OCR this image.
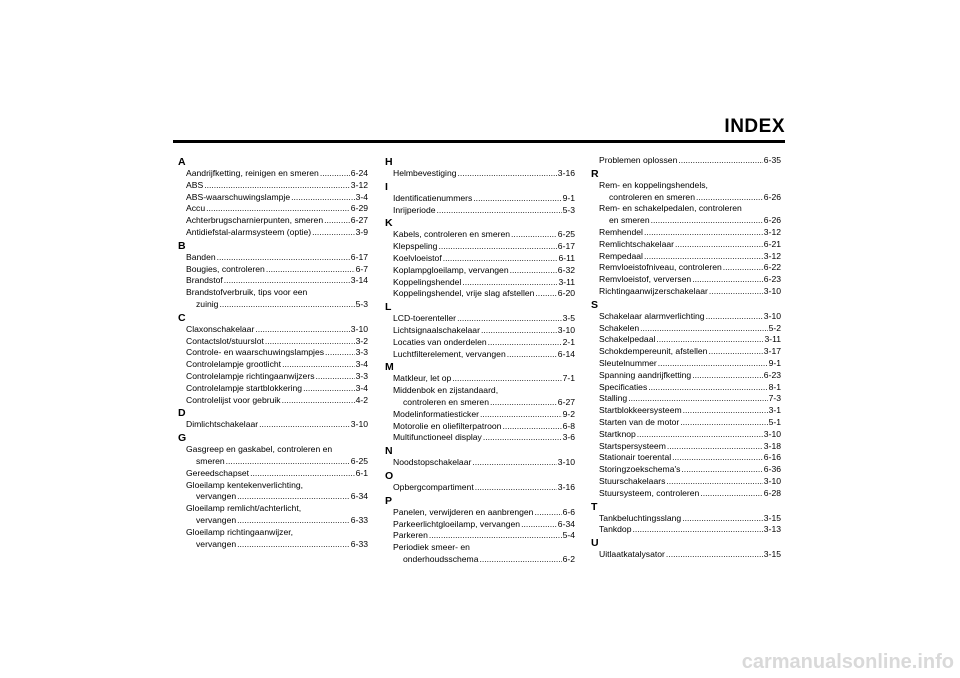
INDEX
A
Aandrijfketting, reinigen en smeren .....	6-24
ABS .....	3-12
ABS-waarschuwingslampje .....	3-4
Accu .....	6-29
Achterbrugscharnierpunten, smeren .....	6-27
Antidiefstal-alarmsysteem (optie) .....	3-9
B
Banden .....	6-17
Bougies, controleren .....	6-7
Brandstof .....	3-14
Brandstofverbruik, tips voor een
zuinig .....	5-3
C
Claxonschakelaar .....	3-10
Contactslot/stuurslot .....	3-2
Controle- en waarschuwingslampjes .....	3-3
Controlelampje grootlicht .....	3-4
Controlelampje richtingaanwijzers .....	3-3
Controlelampje startblokkering .....	3-4
Controlelijst voor gebruik .....	4-2
D
Dimlichtschakelaar .....	3-10
G
Gasgreep en gaskabel, controleren en
smeren .....	6-25
Gereedschapset .....	6-1
Gloeilamp kentekenverlichting,
vervangen .....	6-34
Gloeilamp remlicht/achterlicht,
vervangen .....	6-33
Gloeilamp richtingaanwijzer,
vervangen .....	6-33
H
Helmbevestiging .....	3-16
I
Identificatienummers .....	9-1
Inrijperiode .....	5-3
K
Kabels, controleren en smeren .....	6-25
Klepspeling .....	6-17
Koelvloeistof .....	6-11
Koplampgloeilamp, vervangen .....	6-32
Koppelingshendel .....	3-11
Koppelingshendel, vrije slag afstellen .....	6-20
L
LCD-toerenteller .....	3-5
Lichtsignaalschakelaar .....	3-10
Locaties van onderdelen .....	2-1
Luchtfilterelement, vervangen .....	6-14
M
Matkleur, let op .....	7-1
Middenbok en zijstandaard,
controleren en smeren .....	6-27
Modelinformatiesticker .....	9-2
Motorolie en oliefilterpatroon .....	6-8
Multifunctioneel display .....	3-6
N
Noodstopschakelaar .....	3-10
O
Opbergcompartiment .....	3-16
P
Panelen, verwijderen en aanbrengen .....	6-6
Parkeerlichtgloeilamp, vervangen .....	6-34
Parkeren .....	5-4
Periodiek smeer- en
onderhoudsschema .....	6-2
Problemen oplossen .....	6-35
R
Rem- en koppelingshendels,
controleren en smeren .....	6-26
Rem- en schakelpedalen, controleren
en smeren .....	6-26
Remhendel .....	3-12
Remlichtschakelaar .....	6-21
Rempedaal .....	3-12
Remvloeistofniveau, controleren .....	6-22
Remvloeistof, verversen .....	6-23
Richtingaanwijzerschakelaar .....	3-10
S
Schakelaar alarmverlichting .....	3-10
Schakelen .....	5-2
Schakelpedaal .....	3-11
Schokdempereunit, afstellen .....	3-17
Sleutelnummer .....	9-1
Spanning aandrijfketting .....	6-23
Specificaties .....	8-1
Stalling .....	7-3
Startblokkeersysteem .....	3-1
Starten van de motor .....	5-1
Startknop .....	3-10
Startspersysteem .....	3-18
Stationair toerental .....	6-16
Storingzoekschema's .....	6-36
Stuurschakelaars .....	3-10
Stuursysteem, controleren .....	6-28
T
Tankbeluchtingsslang .....	3-15
Tankdop .....	3-13
U
Uitlaatkatalysator .....	3-15
carmanualsonline.info
